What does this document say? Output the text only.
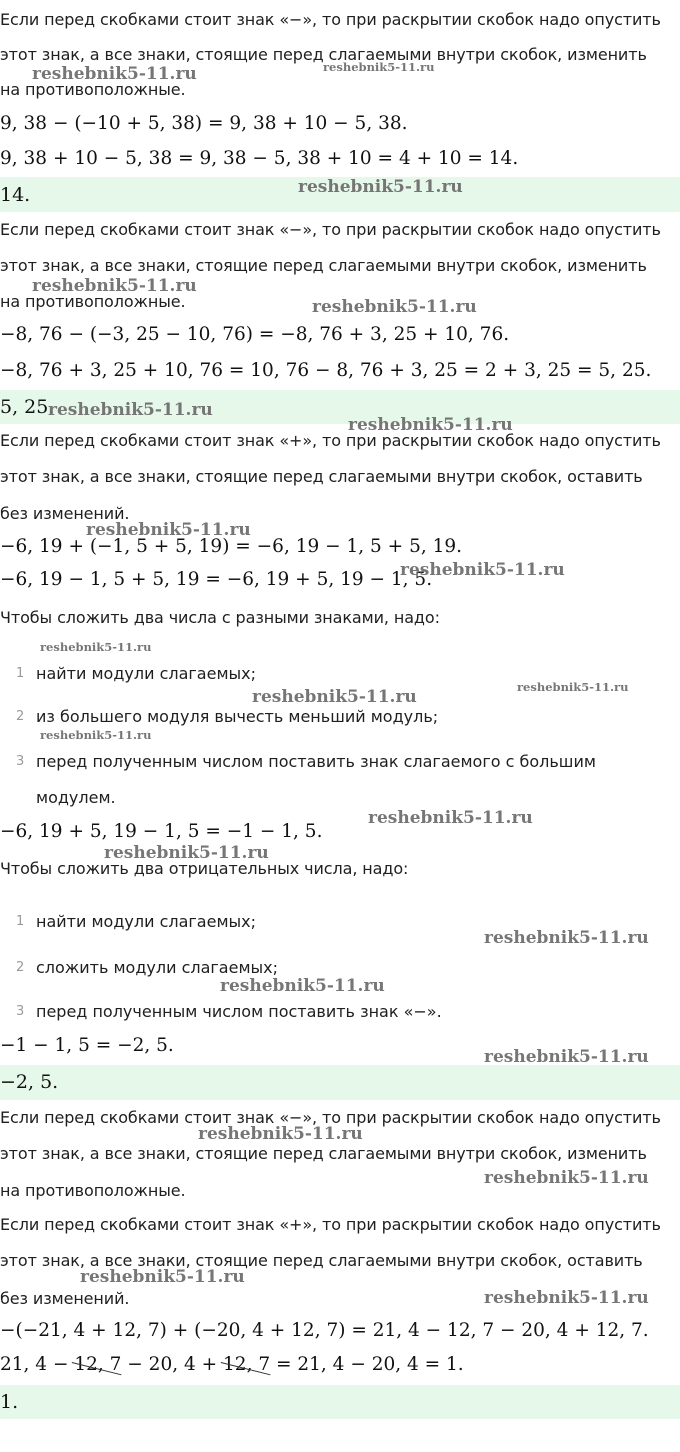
Если перед скобками стоит знак «−», то при раскрытии скобок надо опустить
этот знак, а все знаки, стоящие перед слагаемыми внутри скобок, изменить
на противоположные.
9, 38 − (−10 + 5, 38) = 9, 38 + 10 − 5, 38.
9, 38 + 10 − 5, 38 = 9, 38 − 5, 38 + 10 = 4 + 10 = 14.
14.
Если перед скобками стоит знак «−», то при раскрытии скобок надо опустить
этот знак, а все знаки, стоящие перед слагаемыми внутри скобок, изменить
на противоположные.
−8, 76 − (−3, 25 − 10, 76) = −8, 76 + 3, 25 + 10, 76.
−8, 76 + 3, 25 + 10, 76 = 10, 76 − 8, 76 + 3, 25 = 2 + 3, 25 = 5, 25.
5, 25.
Если перед скобками стоит знак «+», то при раскрытии скобок надо опустить
этот знак, а все знаки, стоящие перед слагаемыми внутри скобок, оставить
без изменений.
−6, 19 + (−1, 5 + 5, 19) = −6, 19 − 1, 5 + 5, 19.
−6, 19 − 1, 5 + 5, 19 = −6, 19 + 5, 19 − 1, 5.
Чтобы сложить два числа с разными знаками, надо:
1 найти модули слагаемых;
2 из большего модуля вычесть меньший модуль;
3 перед полученным числом поставить знак слагаемого с большим
модулем.
−6, 19 + 5, 19 − 1, 5 = −1 − 1, 5.
Чтобы сложить два отрицательных числа, надо:
1 найти модули слагаемых;
2 сложить модули слагаемых;
3 перед полученным числом поставить знак «−».
−1 − 1, 5 = −2, 5.
−2, 5.
Если перед скобками стоит знак «−», то при раскрытии скобок надо опустить
этот знак, а все знаки, стоящие перед слагаемыми внутри скобок, изменить
на противоположные.
Если перед скобками стоит знак «+», то при раскрытии скобок надо опустить
этот знак, а все знаки, стоящие перед слагаемыми внутри скобок, оставить
без изменений.
−(−21, 4 + 12, 7) + (−20, 4 + 12, 7) = 21, 4 − 12, 7 − 20, 4 + 12, 7.
21, 4 − 12, 7 − 20, 4 + 12, 7 = 21, 4 − 20, 4 = 1.
1.
reshebnik5-11.ru	reshebnik5-11.ru
reshebnik5-11.ru
reshebnik5-11.ru
reshebnik5-11.ru
reshebnik5-11.ru
reshebnik5-11.ru
reshebnik5-11.ru
reshebnik5-11.ru
reshebnik5-11.ru
reshebnik5-11.ru
reshebnik5-11.ru
reshebnik5-11.ru
reshebnik5-11.ru
reshebnik5-11.ru
reshebnik5-11.ru
reshebnik5-11.ru
reshebnik5-11.ru
reshebnik5-11.ru
reshebnik5-11.ru
reshebnik5-11.ru
reshebnik5-11.ru
